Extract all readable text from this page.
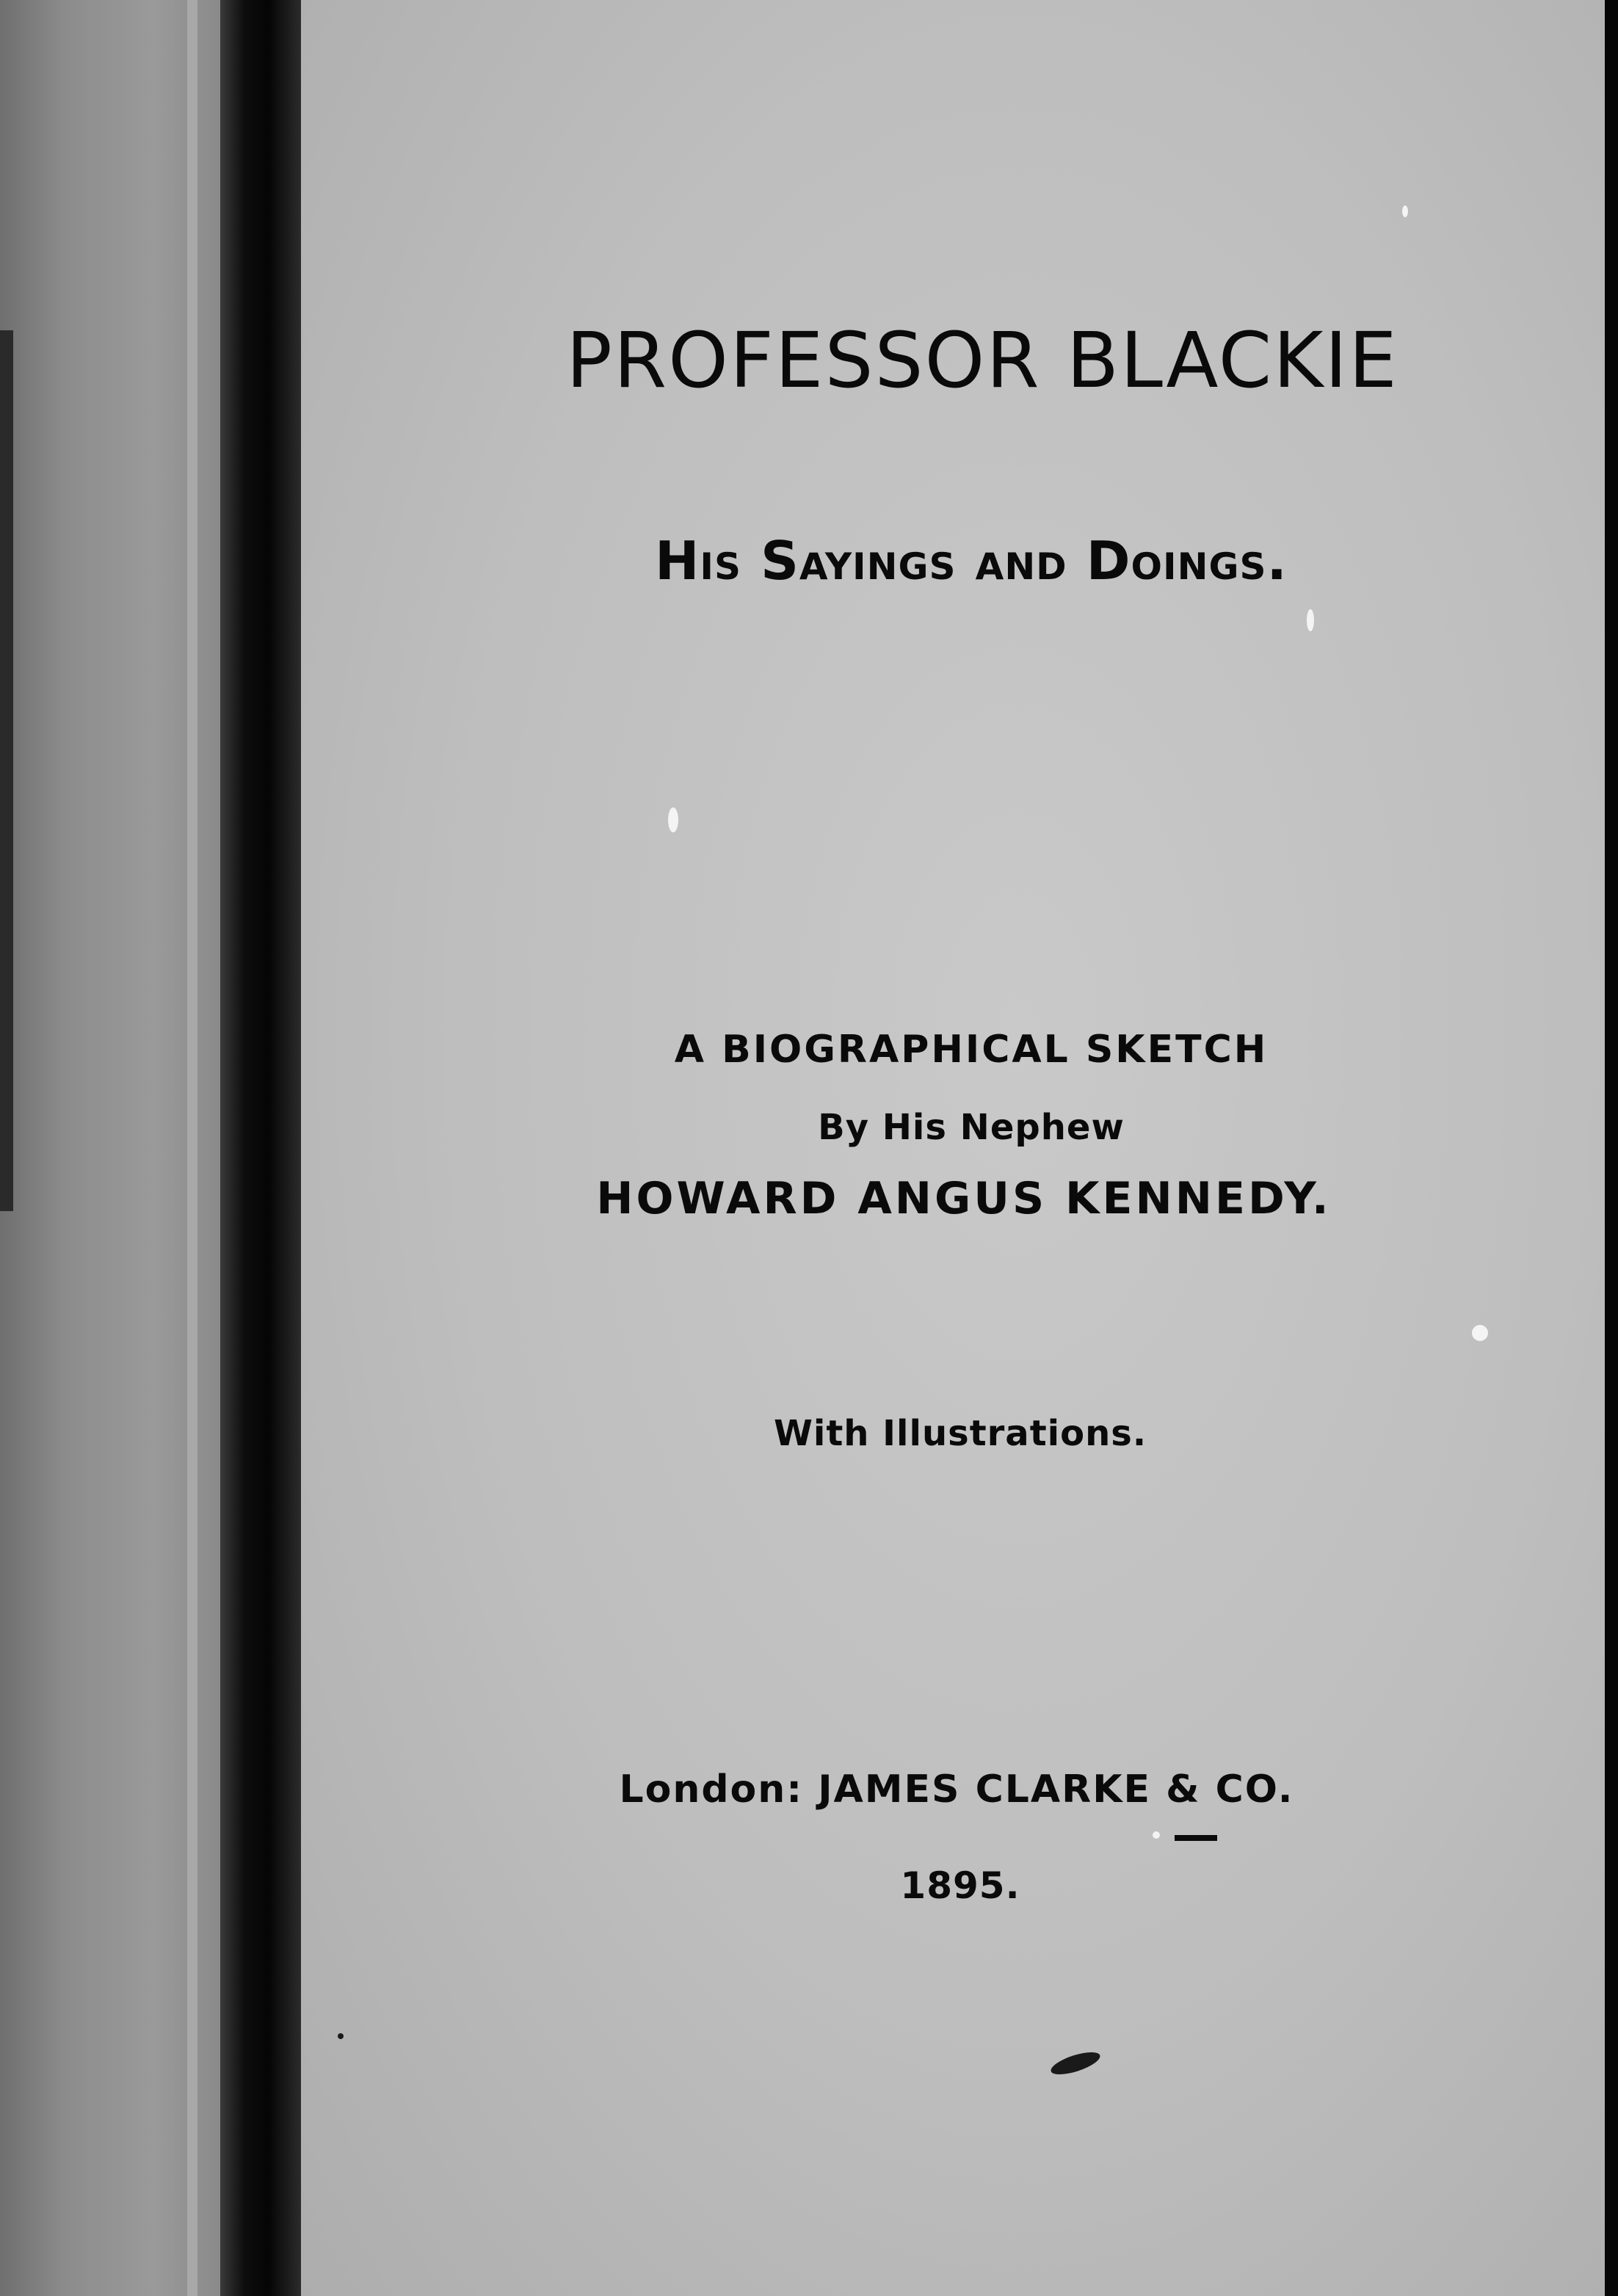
PROFESSOR BLACKIE
His Sayings and Doings.
A BIOGRAPHICAL SKETCH
By His Nephew
HOWARD ANGUS KENNEDY.
With Illustrations.
London: JAMES CLARKE & CO.
1895.
